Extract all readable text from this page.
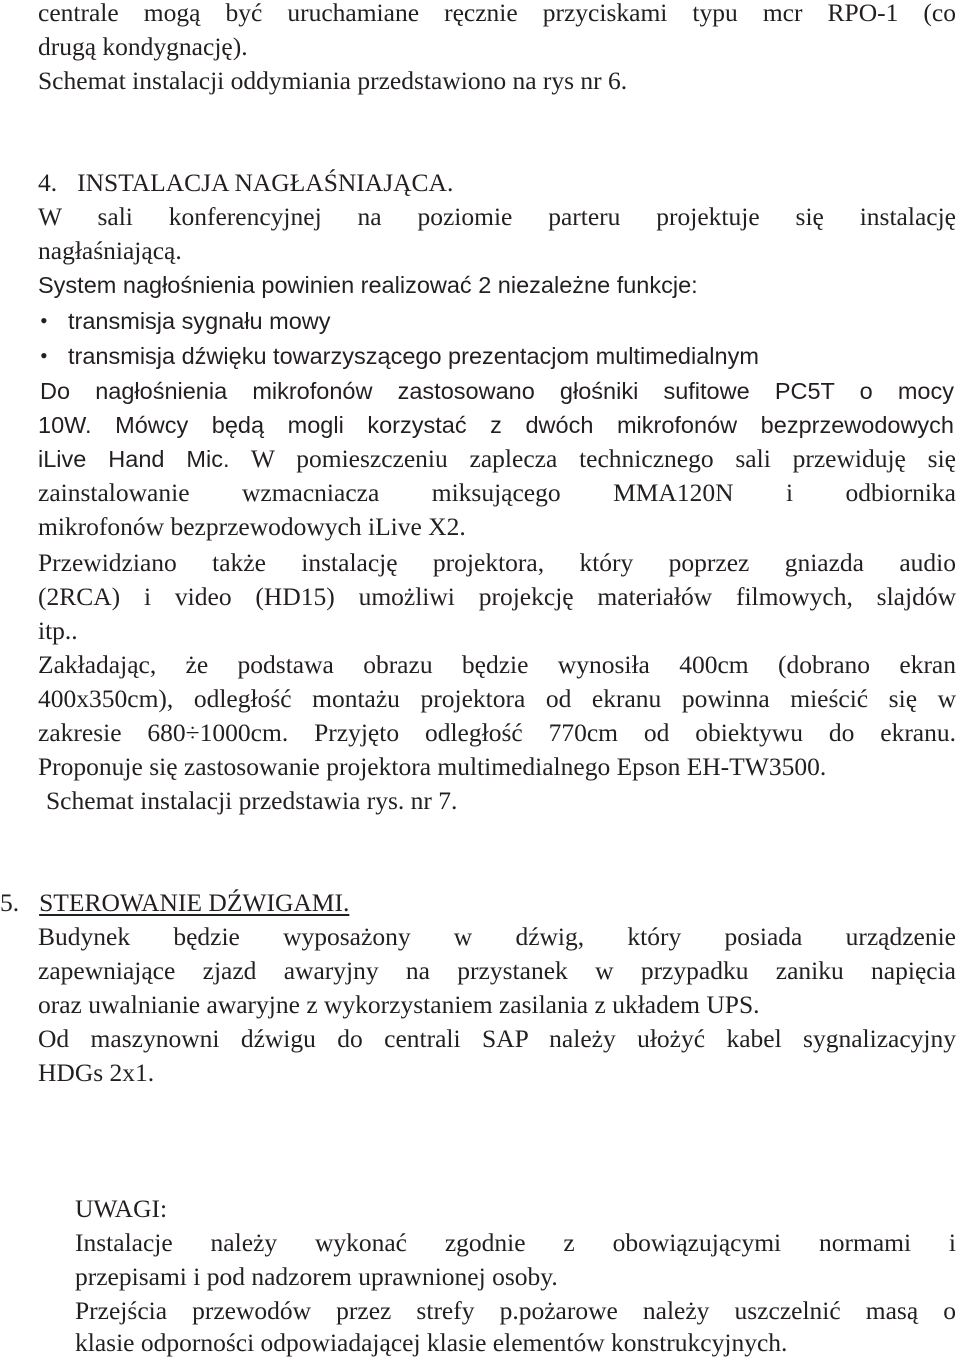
centrale mogą być uruchamiane ręcznie przyciskami typu mcr RPO-1 (co
drugą kondygnację).
Schemat instalacji oddymiania przedstawiono na rys nr 6.
4. INSTALACJA NAGŁAŚNIAJĄCA.
W sali konferencyjnej na poziomie parteru projektuje się instalację
nagłaśniającą.
System nagłośnienia powinien realizować 2 niezależne funkcje:
• transmisja sygnału mowy
• transmisja dźwięku towarzyszącego prezentacjom multimedialnym
Do nagłośnienia mikrofonów zastosowano głośniki sufitowe PC5T o mocy
10W. Mówcy będą mogli korzystać z dwóch mikrofonów bezprzewodowych
iLive Hand Mic. W pomieszczeniu zaplecza technicznego sali przewiduję się
zainstalowanie wzmacniacza miksującego MMA120N i odbiornika
mikrofonów bezprzewodowych iLive X2.
Przewidziano także instalację projektora, który poprzez gniazda audio
(2RCA) i video (HD15) umożliwi projekcję materiałów filmowych, slajdów
itp..
Zakładając, że podstawa obrazu będzie wynosiła 400cm (dobrano ekran
400x350cm), odległość montażu projektora od ekranu powinna mieścić się w
zakresie 680÷1000cm. Przyjęto odległość 770cm od obiektywu do ekranu.
Proponuje się zastosowanie projektora multimedialnego Epson EH-TW3500.
Schemat instalacji przedstawia rys. nr 7.
5. STEROWANIE DŹWIGAMI.
Budynek będzie wyposażony w dźwig, który posiada urządzenie
zapewniające zjazd awaryjny na przystanek w przypadku zaniku napięcia
oraz uwalnianie awaryjne z wykorzystaniem zasilania z układem UPS.
Od maszynowni dźwigu do centrali SAP należy ułożyć kabel sygnalizacyjny
HDGs 2x1.
UWAGI:
Instalacje należy wykonać zgodnie z obowiązującymi normami i
przepisami i pod nadzorem uprawnionej osoby.
Przejścia przewodów przez strefy p.pożarowe należy uszczelnić masą o
klasie odporności odpowiadającej klasie elementów konstrukcyjnych.
